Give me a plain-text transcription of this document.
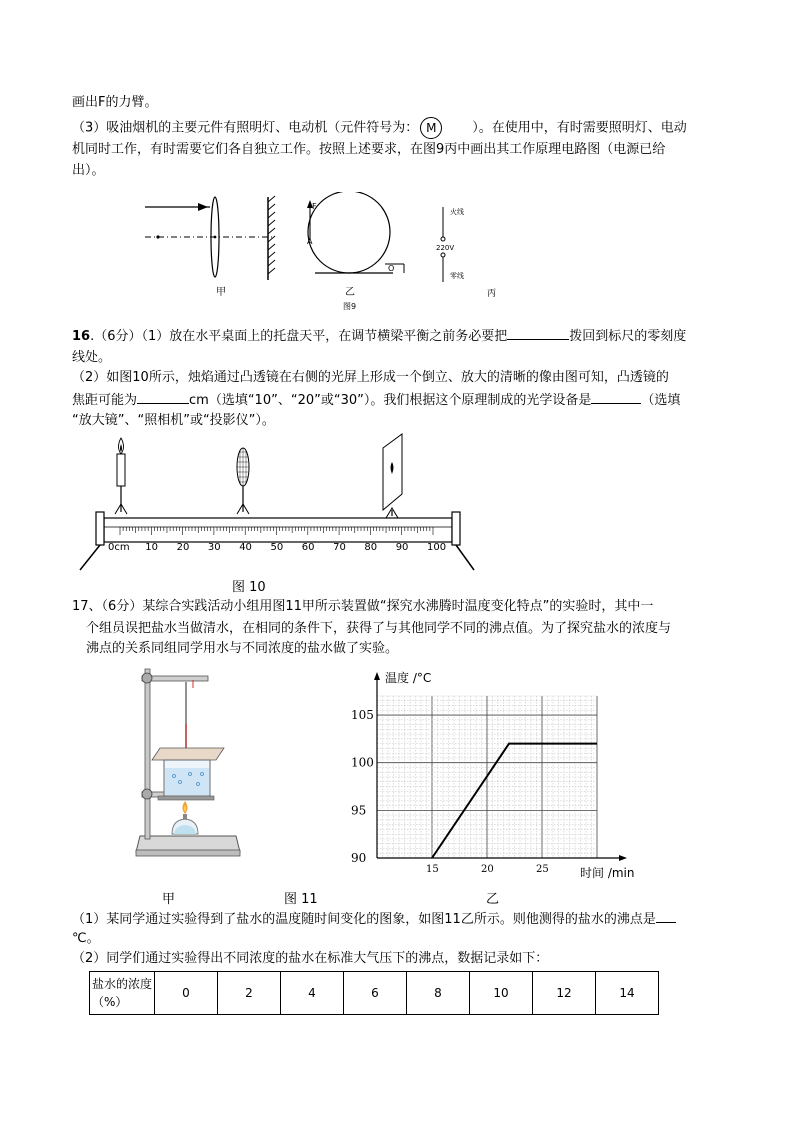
画出F的力臂。
（3）吸油烟机的主要元件有照明灯、电动机（元件符号为： M	）。在使用中，有时需要照明灯、电动
机同时工作，有时需要它们各自独立工作。按照上述要求，在图9丙中画出其工作原理电路图（电源已给
出）。
甲
F
A
O
乙
图9
火线
220V
零线
丙
16.（6分）（1）放在水平桌面上的托盘天平，在调节横梁平衡之前务必要把	拨回到标尺的零刻度
线处。
（2）如图10所示，烛焰通过凸透镜在右侧的光屏上形成一个倒立、放大的清晰的像由图可知，凸透镜的
焦距可能为	cm（选填“10”、“20”或“30”）。我们根据这个原理制成的光学设备是	（选填
“放大镜”、“照相机”或“投影仪”）。
0cm 10 20 30 40 50 60 70 80 90 100
图 10
17、（6分）某综合实践活动小组用图11甲所示装置做“探究水沸腾时温度变化特点”的实验时，其中一
个组员误把盐水当做清水，在相同的条件下，获得了与其他同学不同的沸点值。为了探究盐水的浓度与
沸点的关系同组同学用水与不同浓度的盐水做了实验。
15	20	25
90
95
100
105
温度 /°C
时间 /min
甲	图 11	乙
（1）某同学通过实验得到了盐水的温度随时间变化的图象，如图11乙所示。则他测得的盐水的沸点是
℃。
（2）同学们通过实验得出不同浓度的盐水在标准大气压下的沸点，数据记录如下：
盐水的浓度（%）	0	2	4	6	8	10	12	14
